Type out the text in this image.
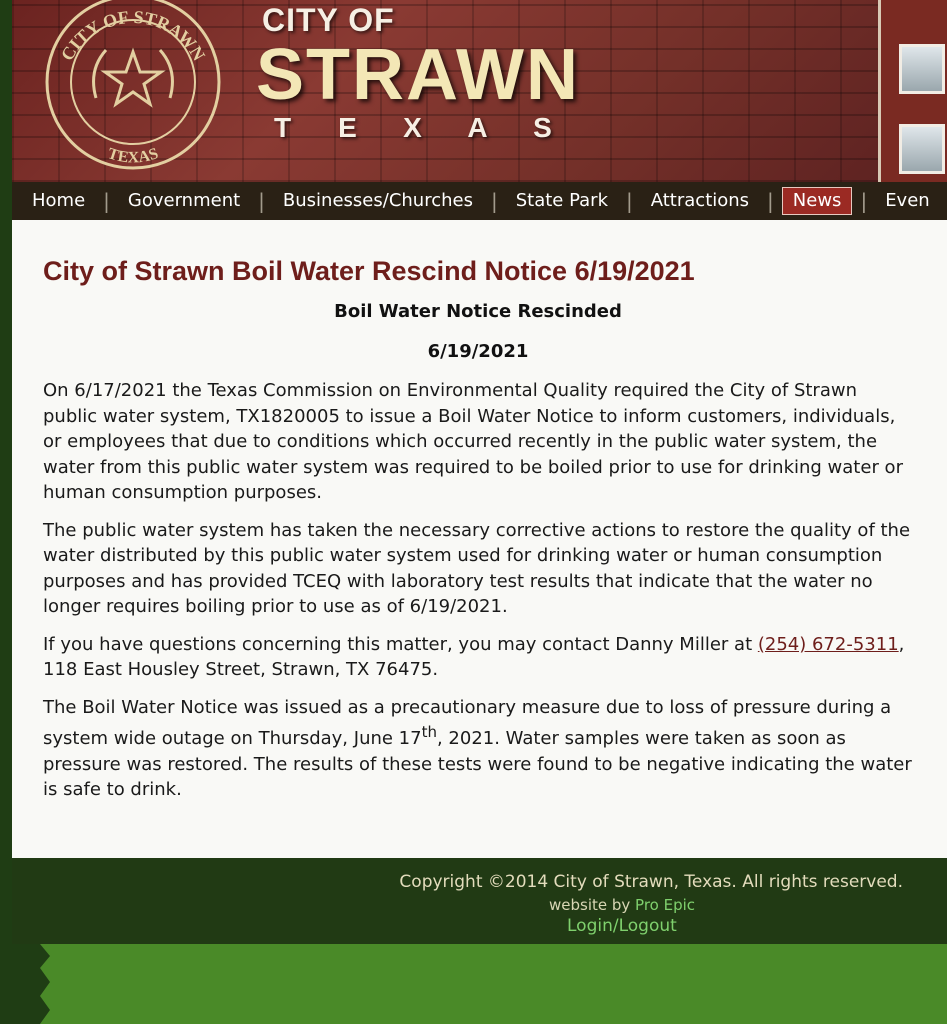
CITY OF STRAWN
TEXAS
CITY OF
STRAWN
T	E	X	A	S
Home |	Government |	Businesses/Churches |	State Park |	Attractions |	News |	Even
City of Strawn Boil Water Rescind Notice 6/19/2021
Boil Water Notice Rescinded
6/19/2021

On 6/17/2021 the Texas Commission on Environmental Quality required the City of Strawn public water system, TX1820005 to issue a Boil Water Notice to inform customers, individuals, or employees that due to conditions which occurred recently in the public water system, the water from this public water system was required to be boiled prior to use for drinking water or human consumption purposes.

The public water system has taken the necessary corrective actions to restore the quality of the water distributed by this public water system used for drinking water or human consumption purposes and has provided TCEQ with laboratory test results that indicate that the water no longer requires boiling prior to use as of 6/19/2021.

If you have questions concerning this matter, you may contact Danny Miller at (254) 672-5311, 118 East Housley Street, Strawn, TX 76475.

The Boil Water Notice was issued as a precautionary measure due to loss of pressure during a system wide outage on Thursday, June 17th, 2021. Water samples were taken as soon as pressure was restored. The results of these tests were found to be negative indicating the water is safe to drink.

Copyright ©2014 City of Strawn, Texas. All rights reserved.
website by Pro Epic
Login/Logout
